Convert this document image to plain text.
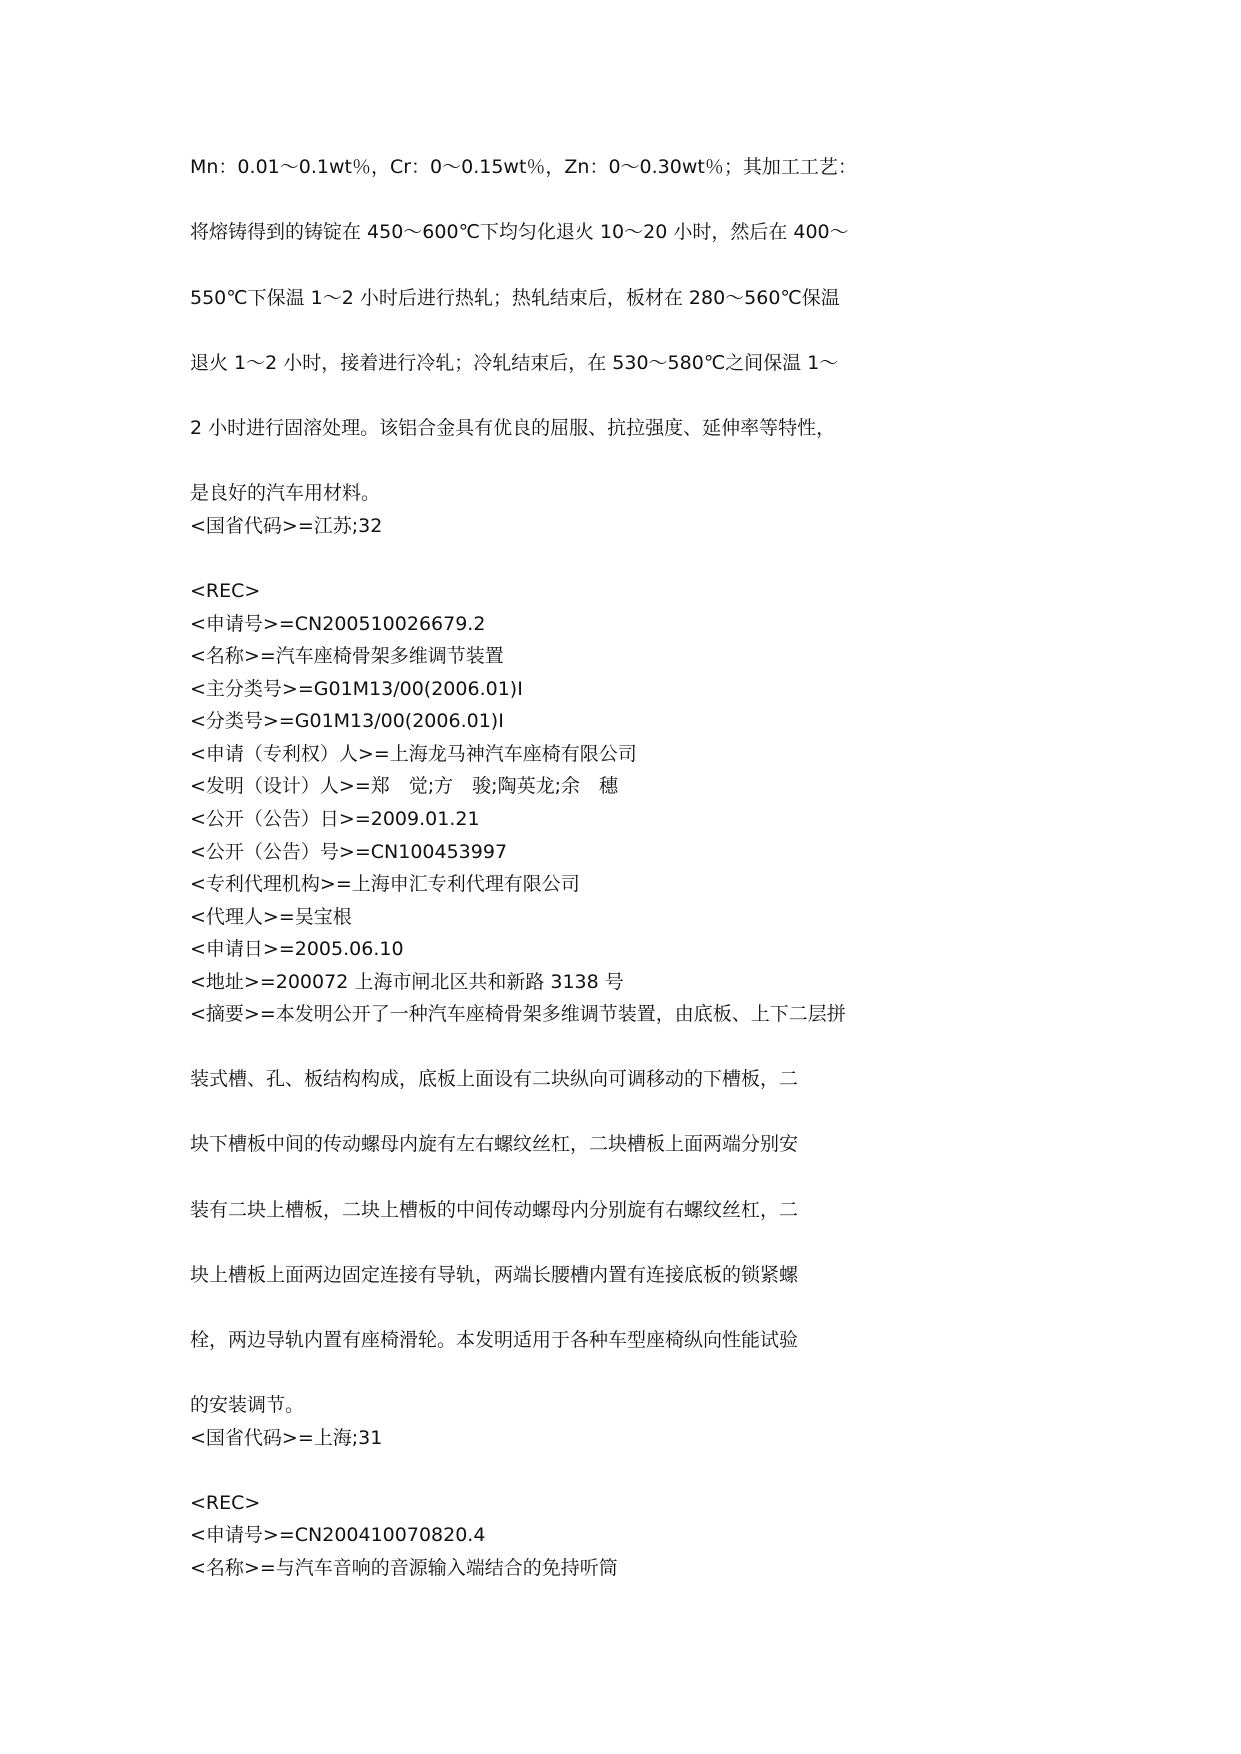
Mn：0.01～0.1wt％，Cr：0～0.15wt％，Zn：0～0.30wt％；其加工工艺：
将熔铸得到的铸锭在 450～600℃下均匀化退火 10～20 小时，然后在 400～
550℃下保温 1～2 小时后进行热轧；热轧结束后，板材在 280～560℃保温
退火 1～2 小时，接着进行冷轧；冷轧结束后，在 530～580℃之间保温 1～
2 小时进行固溶处理。该铝合金具有优良的屈服、抗拉强度、延伸率等特性，
是良好的汽车用材料。
<国省代码>=江苏;32
<REC>
<申请号>=CN200510026679.2
<名称>=汽车座椅骨架多维调节装置
<主分类号>=G01M13/00(2006.01)I
<分类号>=G01M13/00(2006.01)I
<申请（专利权）人>=上海龙马神汽车座椅有限公司
<发明（设计）人>=郑　觉;方　骏;陶英龙;余　穗
<公开（公告）日>=2009.01.21
<公开（公告）号>=CN100453997
<专利代理机构>=上海申汇专利代理有限公司
<代理人>=吴宝根
<申请日>=2005.06.10
<地址>=200072 上海市闸北区共和新路 3138 号
<摘要>=本发明公开了一种汽车座椅骨架多维调节装置，由底板、上下二层拼
装式槽、孔、板结构构成，底板上面设有二块纵向可调移动的下槽板，二
块下槽板中间的传动螺母内旋有左右螺纹丝杠，二块槽板上面两端分别安
装有二块上槽板，二块上槽板的中间传动螺母内分别旋有右螺纹丝杠，二
块上槽板上面两边固定连接有导轨，两端长腰槽内置有连接底板的锁紧螺
栓，两边导轨内置有座椅滑轮。本发明适用于各种车型座椅纵向性能试验
的安装调节。
<国省代码>=上海;31
<REC>
<申请号>=CN200410070820.4
<名称>=与汽车音响的音源输入端结合的免持听筒
